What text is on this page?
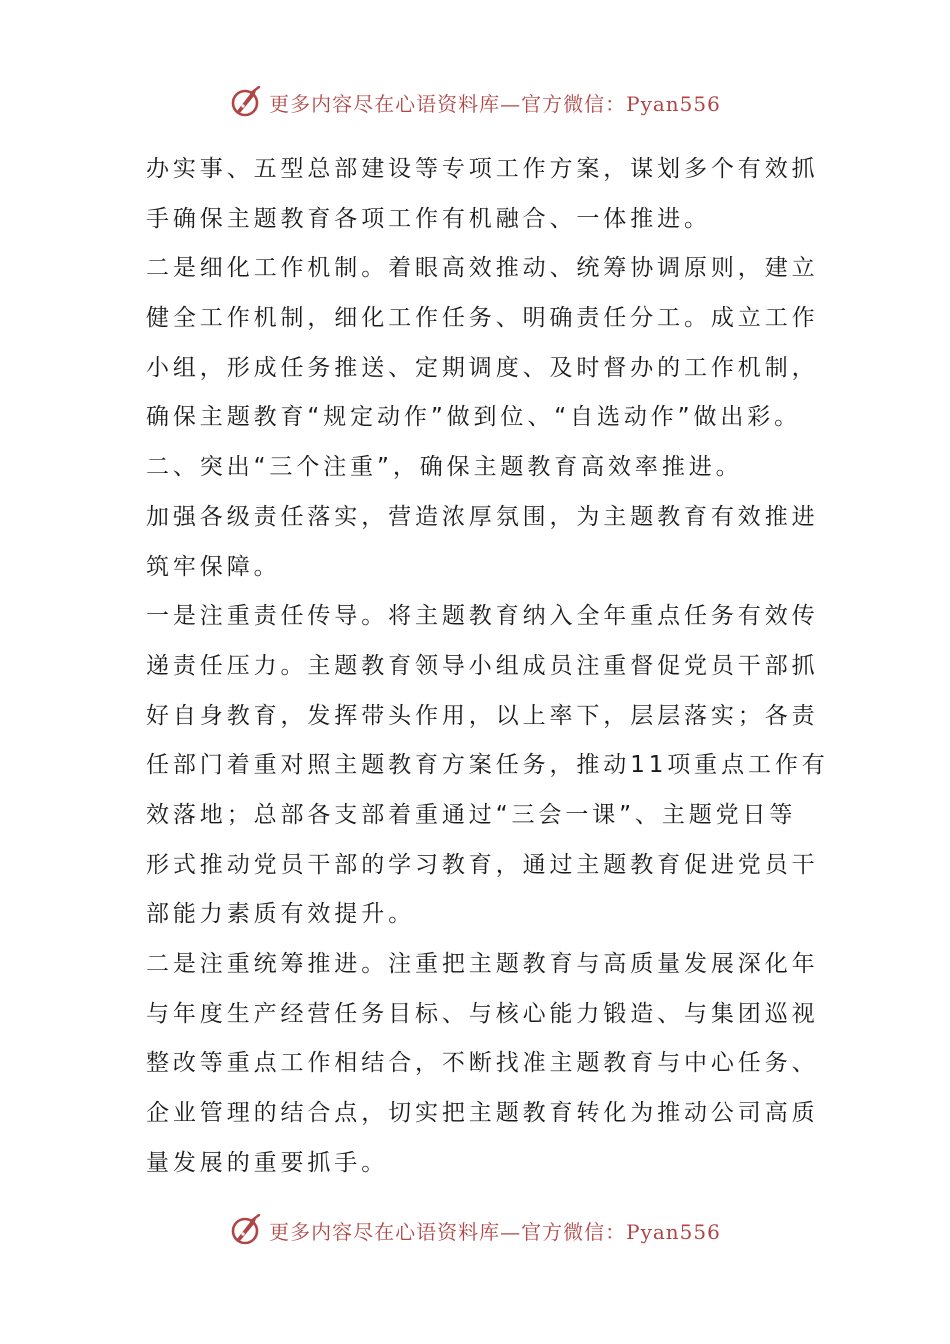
更多内容尽在心语资料库—官方微信：Pyan556
办实事、五型总部建设等专项工作方案，谋划多个有效抓
手确保主题教育各项工作有机融合、一体推进。
二是细化工作机制。着眼高效推动、统筹协调原则，建立
健全工作机制，细化工作任务、明确责任分工。成立工作
小组，形成任务推送、定期调度、及时督办的工作机制，
确保主题教育“规定动作”做到位、“自选动作”做出彩。
二、突出“三个注重”，确保主题教育高效率推进。
加强各级责任落实，营造浓厚氛围，为主题教育有效推进
筑牢保障。
一是注重责任传导。将主题教育纳入全年重点任务有效传
递责任压力。主题教育领导小组成员注重督促党员干部抓
好自身教育，发挥带头作用，以上率下，层层落实；各责
任部门着重对照主题教育方案任务，推动11项重点工作有
效落地；总部各支部着重通过“三会一课”、主题党日等
形式推动党员干部的学习教育，通过主题教育促进党员干
部能力素质有效提升。
二是注重统筹推进。注重把主题教育与高质量发展深化年
与年度生产经营任务目标、与核心能力锻造、与集团巡视
整改等重点工作相结合，不断找准主题教育与中心任务、
企业管理的结合点，切实把主题教育转化为推动公司高质
量发展的重要抓手。
更多内容尽在心语资料库—官方微信：Pyan556
